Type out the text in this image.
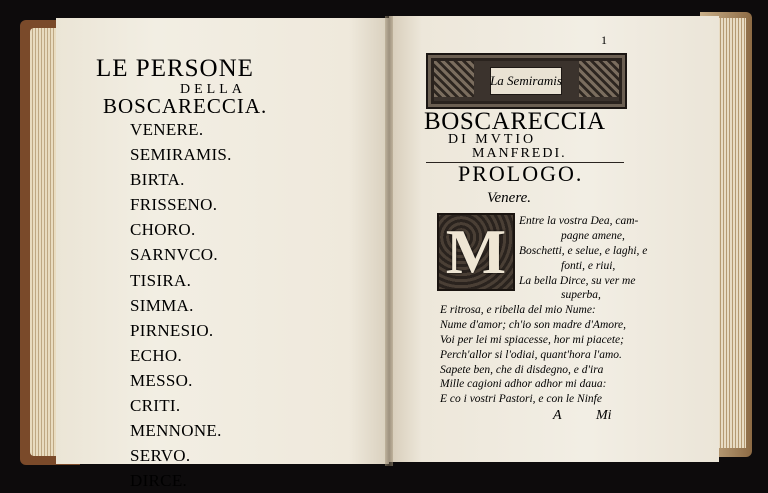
LE PERSONE
DELLA
BOSCARECCIA.
VENERE.
SEMIRAMIS.
BIRTA.
FRISSENO.
CHORO.
SARNVCO.
TISIRA.
SIMMA.
PIRNESIO.
ECHO.
MESSO.
CRITI.
MENNONE.
SERVO.
DIRCE.
1
La Semiramis
BOSCARECCIA
DI MVTIO
MANFREDI.
PROLOGO.
Venere.
M Entre la vostra Dea, cam-
pagne amene,
Boschetti, e selue, e laghi, e
fonti, e riui,
La bella Dirce, su ver me
superba,
E ritrosa, e ribella del mio Nume:
Nume d'amor; ch'io son madre d'Amore,
Voi per lei mi spiacesse, hor mi piacete;
Perch'allor si l'odiai, quant'hora l'amo.
Sapete ben, che di disdegno, e d'ira
Mille cagioni adhor adhor mi daua:
E co i vostri Pastori, e con le Ninfe
A Mi
